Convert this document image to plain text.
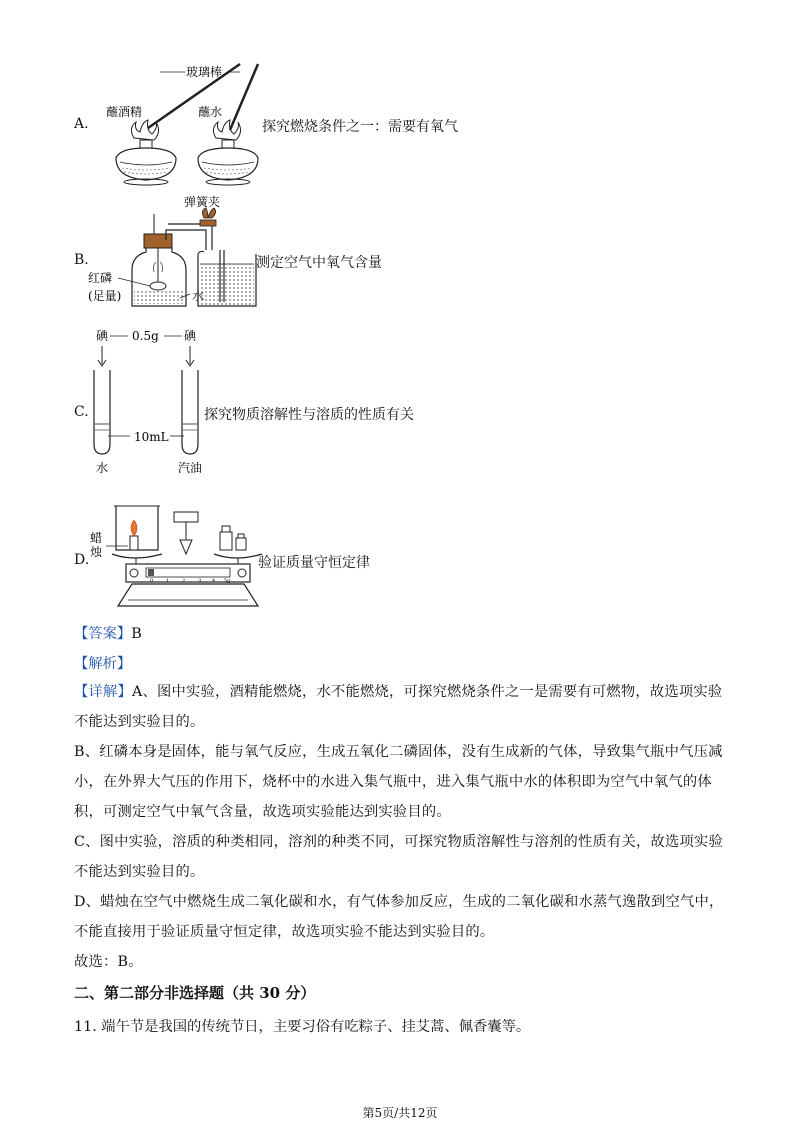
A.
玻璃棒
蘸酒精	蘸水
探究燃烧条件之一：需要有氧气
B.
弹簧夹
红磷
(足量)	水
测定空气中氧气含量
C.
碘 0.5g 碘
10mL
水	汽油
探究物质溶解性与溶质的性质有关
D.
蜡
烛
0	1	2	3 4 5g
验证质量守恒定律
【答案】B
【解析】
【详解】A、图中实验，酒精能燃烧，水不能燃烧，可探究燃烧条件之一是需要有可燃物，故选项实验不能达到实验目的。
B、红磷本身是固体，能与氧气反应，生成五氧化二磷固体，没有生成新的气体，导致集气瓶中气压减小，在外界大气压的作用下，烧杯中的水进入集气瓶中，进入集气瓶中水的体积即为空气中氧气的体积，可测定空气中氧气含量，故选项实验能达到实验目的。
C、图中实验，溶质的种类相同，溶剂的种类不同，可探究物质溶解性与溶剂的性质有关，故选项实验不能达到实验目的。
D、蜡烛在空气中燃烧生成二氧化碳和水，有气体参加反应，生成的二氧化碳和水蒸气逸散到空气中，不能直接用于验证质量守恒定律，故选项实验不能达到实验目的。
故选：B。
二、第二部分非选择题（共 30 分）
11. 端午节是我国的传统节日，主要习俗有吃粽子、挂艾蒿、佩香囊等。
第5页/共12页
